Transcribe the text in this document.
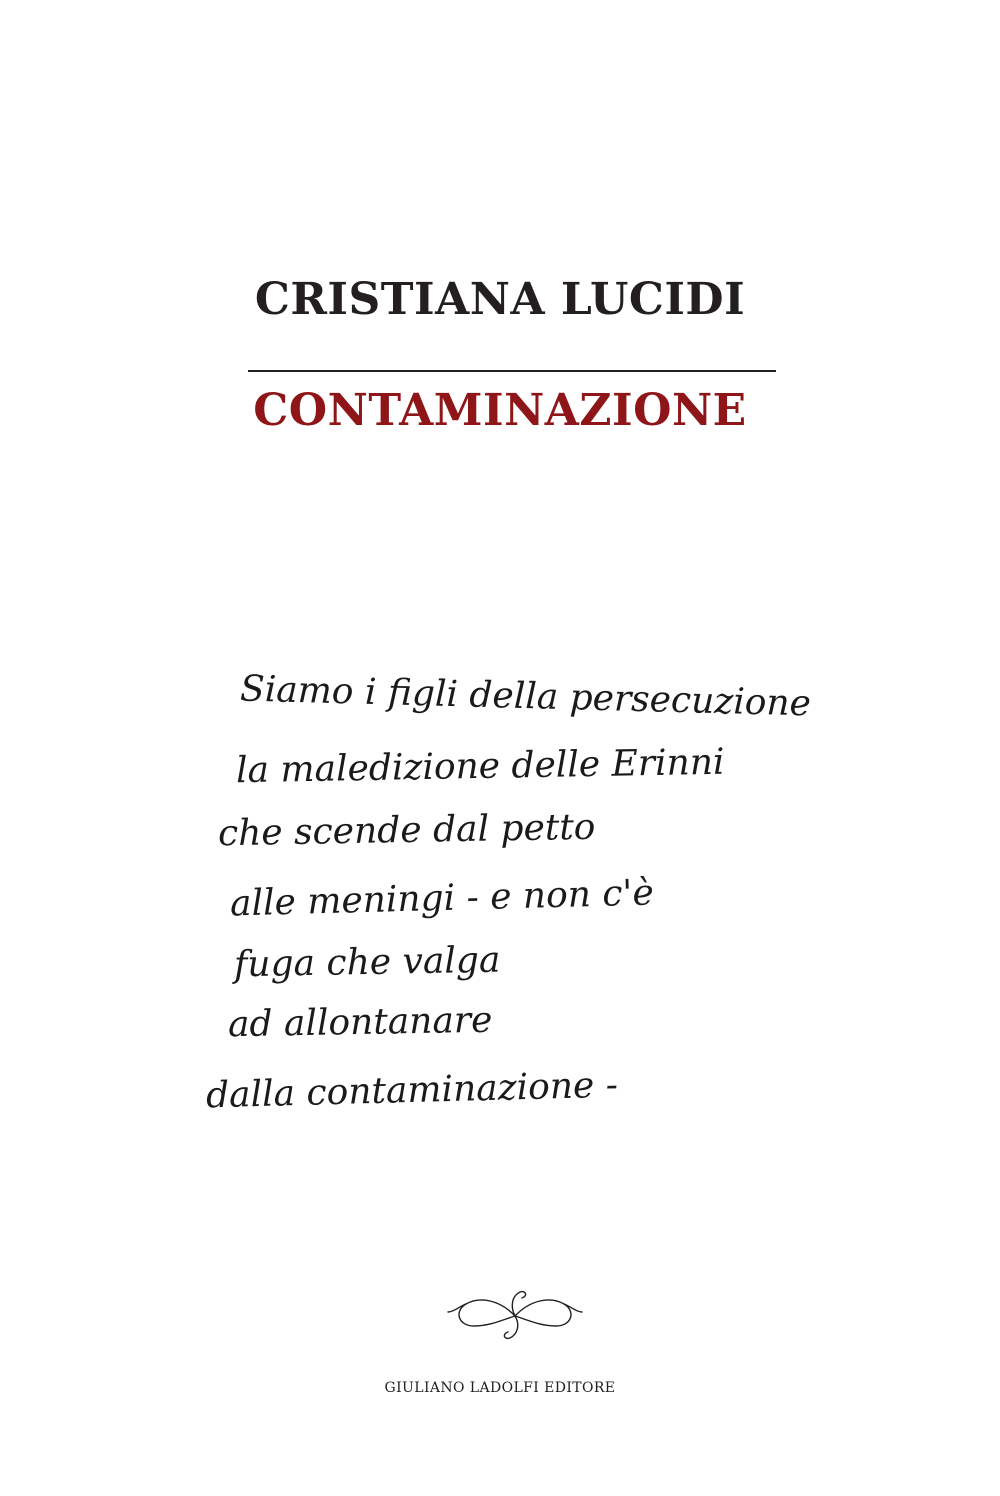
CRISTIANA LUCIDI
CONTAMINAZIONE
Siamo i figli della persecuzione
la maledizione delle Erinni
che scende dal petto
alle meningi - e non c'è
fuga che valga
ad allontanare
dalla contaminazione -
GIULIANO LADOLFI EDITORE
